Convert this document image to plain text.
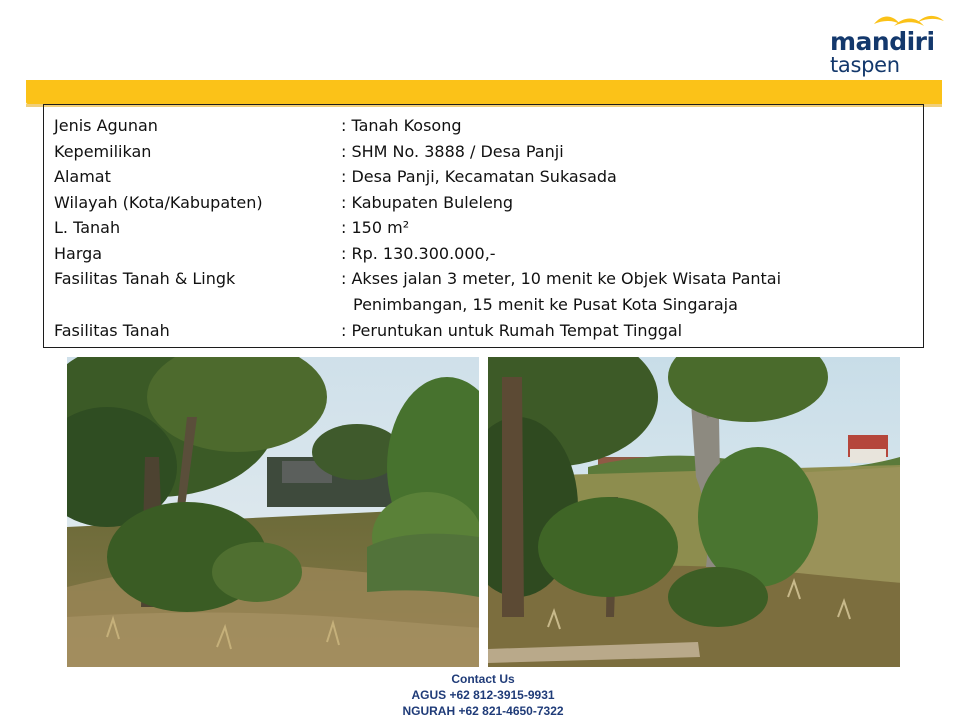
mandiri
taspen
Jenis Agunan	: Tanah Kosong
Kepemilikan	: SHM No. 3888 / Desa Panji
Alamat	: Desa Panji, Kecamatan Sukasada
Wilayah (Kota/Kabupaten)	: Kabupaten Buleleng
L. Tanah	: 150 m²
Harga	: Rp. 130.300.000,-
Fasilitas Tanah & Lingk	: Akses jalan 3 meter, 10 menit ke Objek Wisata Pantai
Penimbangan, 15 menit ke Pusat Kota Singaraja
Fasilitas Tanah	: Peruntukan untuk Rumah Tempat Tinggal
Contact Us
AGUS +62 812-3915-9931
NGURAH +62 821-4650-7322
